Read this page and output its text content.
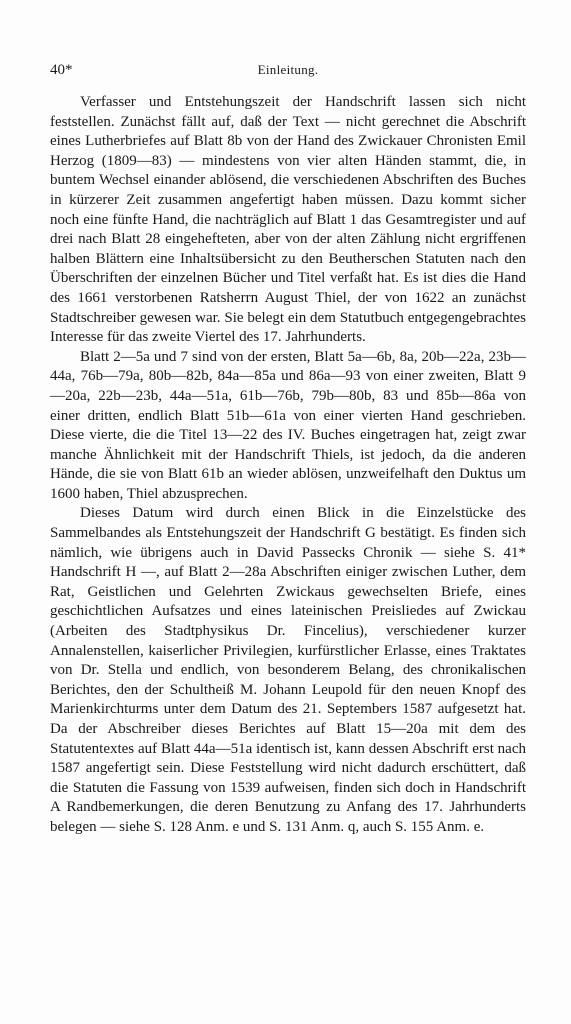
40*	Einleitung.

Verfasser und Entstehungszeit der Handschrift lassen sich nicht feststellen. Zunächst fällt auf, daß der Text — nicht gerechnet die Abschrift eines Lutherbriefes auf Blatt 8b von der Hand des Zwickauer Chronisten Emil Herzog (1809—83) — mindestens von vier alten Händen stammt, die, in buntem Wechsel einander ablösend, die verschiedenen Abschriften des Buches in kürzerer Zeit zusammen angefertigt haben müssen. Dazu kommt sicher noch eine fünfte Hand, die nachträglich auf Blatt 1 das Gesamtregister und auf drei nach Blatt 28 eingehefteten, aber von der alten Zählung nicht ergriffenen halben Blättern eine Inhaltsübersicht zu den Beutherschen Statuten nach den Überschriften der einzelnen Bücher und Titel verfaßt hat. Es ist dies die Hand des 1661 verstorbenen Ratsherrn August Thiel, der von 1622 an zunächst Stadtschreiber gewesen war. Sie belegt ein dem Statutbuch entgegengebrachtes Interesse für das zweite Viertel des 17. Jahrhunderts.

Blatt 2—5a und 7 sind von der ersten, Blatt 5a—6b, 8a, 20b—22a, 23b—44a, 76b—79a, 80b—82b, 84a—85a und 86a—93 von einer zweiten, Blatt 9—20a, 22b—23b, 44a—51a, 61b—76b, 79b—80b, 83 und 85b—86a von einer dritten, endlich Blatt 51b—61a von einer vierten Hand geschrieben. Diese vierte, die die Titel 13—22 des IV. Buches eingetragen hat, zeigt zwar manche Ähnlichkeit mit der Handschrift Thiels, ist jedoch, da die anderen Hände, die sie von Blatt 61b an wieder ablösen, unzweifelhaft den Duktus um 1600 haben, Thiel abzusprechen.

Dieses Datum wird durch einen Blick in die Einzelstücke des Sammelbandes als Entstehungszeit der Handschrift G bestätigt. Es finden sich nämlich, wie übrigens auch in David Passecks Chronik — siehe S. 41* Handschrift H —, auf Blatt 2—28a Abschriften einiger zwischen Luther, dem Rat, Geistlichen und Gelehrten Zwickaus gewechselten Briefe, eines geschichtlichen Aufsatzes und eines lateinischen Preisliedes auf Zwickau (Arbeiten des Stadtphysikus Dr. Fincelius), verschiedener kurzer Annalenstellen, kaiserlicher Privilegien, kurfürstlicher Erlasse, eines Traktates von Dr. Stella und endlich, von besonderem Belang, des chronikalischen Berichtes, den der Schultheiß M. Johann Leupold für den neuen Knopf des Marienkirchturms unter dem Datum des 21. Septembers 1587 aufgesetzt hat. Da der Abschreiber dieses Berichtes auf Blatt 15—20a mit dem des Statutentextes auf Blatt 44a—51a identisch ist, kann dessen Abschrift erst nach 1587 angefertigt sein. Diese Feststellung wird nicht dadurch erschüttert, daß die Statuten die Fassung von 1539 aufweisen, finden sich doch in Handschrift A Randbemerkungen, die deren Benutzung zu Anfang des 17. Jahrhunderts belegen — siehe S. 128 Anm. e und S. 131 Anm. q, auch S. 155 Anm. e.
